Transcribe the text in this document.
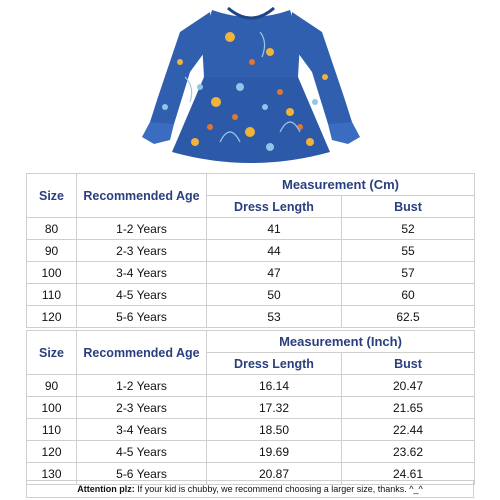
Size	Recommended Age	Measurement (Cm)	
		Dress Length	Bust
80	1-2 Years	41	52
90	2-3 Years	44	55
100	3-4 Years	47	57
110	4-5 Years	50	60
120	5-6 Years	53	62.5
Size	Recommended Age	Measurement (Inch)	
		Dress Length	Bust
90	1-2 Years	16.14	20.47
100	2-3 Years	17.32	21.65
110	3-4 Years	18.50	22.44
120	4-5 Years	19.69	23.62
130	5-6 Years	20.87	24.61
Attention plz: If your kid is chubby, we recommend choosing a larger size, thanks. ^_^
